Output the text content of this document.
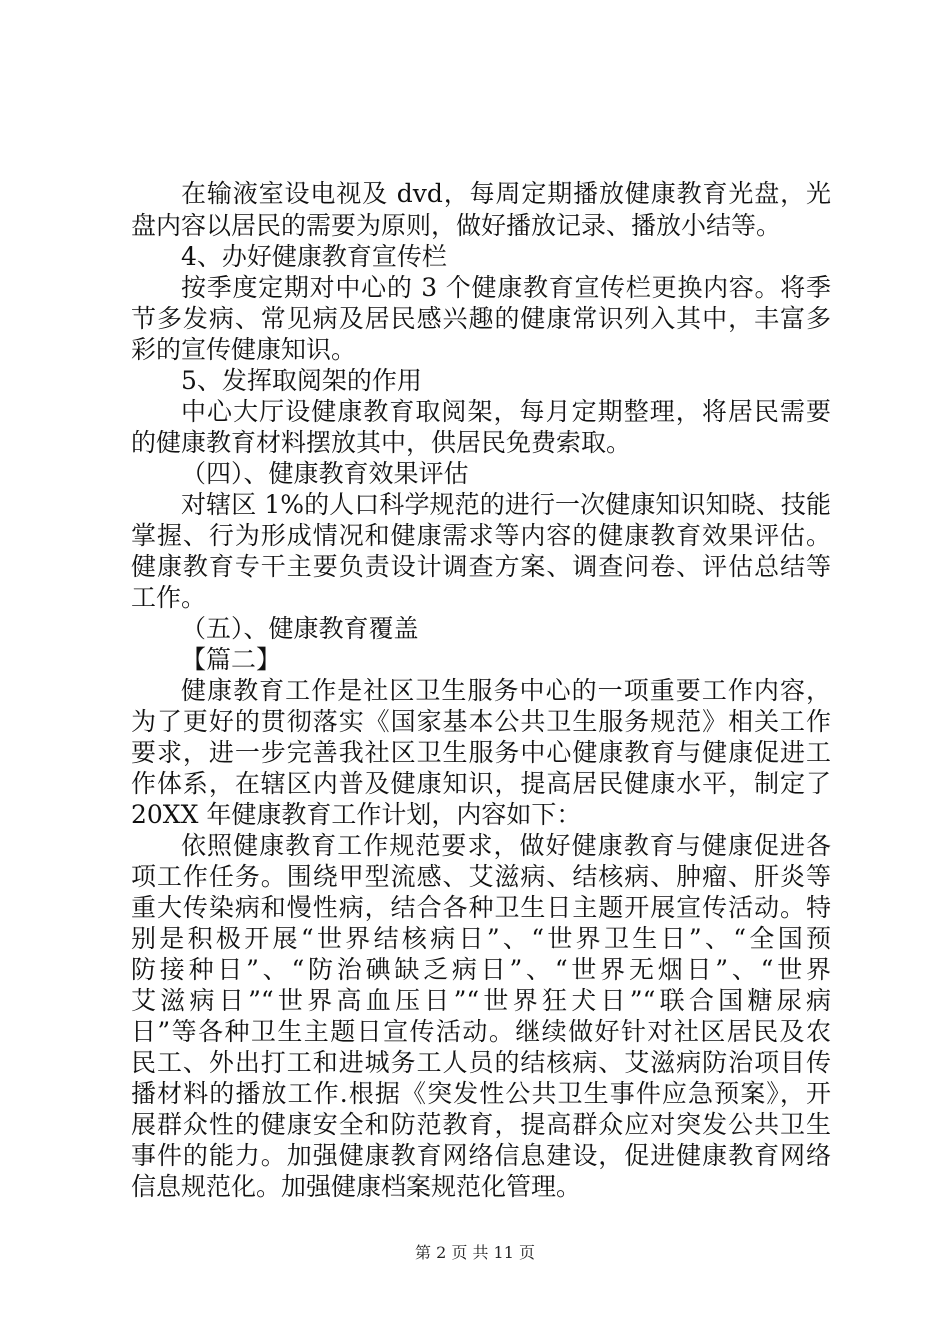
在输液室设电视及 dvd，每周定期播放健康教育光盘，光
盘内容以居民的需要为原则，做好播放记录、播放小结等。
4、办好健康教育宣传栏
按季度定期对中心的 3 个健康教育宣传栏更换内容。将季
节多发病、常见病及居民感兴趣的健康常识列入其中，丰富多
彩的宣传健康知识。
5、发挥取阅架的作用
中心大厅设健康教育取阅架，每月定期整理，将居民需要
的健康教育材料摆放其中，供居民免费索取。
（四）、健康教育效果评估
对辖区 1%的人口科学规范的进行一次健康知识知晓、技能
掌握、行为形成情况和健康需求等内容的健康教育效果评估。
健康教育专干主要负责设计调查方案、调查问卷、评估总结等
工作。
（五）、健康教育覆盖
【篇二】
健康教育工作是社区卫生服务中心的一项重要工作内容，
为了更好的贯彻落实《国家基本公共卫生服务规范》相关工作
要求，进一步完善我社区卫生服务中心健康教育与健康促进工
作体系，在辖区内普及健康知识，提高居民健康水平，制定了
20XX 年健康教育工作计划，内容如下：
依照健康教育工作规范要求，做好健康教育与健康促进各
项工作任务。围绕甲型流感、艾滋病、结核病、肿瘤、肝炎等
重大传染病和慢性病，结合各种卫生日主题开展宣传活动。特
别是积极开展“世界结核病日”、“世界卫生日”、“全国预
防接种日”、“防治碘缺乏病日”、“世界无烟日”、“世界
艾滋病日”“世界高血压日”“世界狂犬日”“联合国糖尿病
日”等各种卫生主题日宣传活动。继续做好针对社区居民及农
民工、外出打工和进城务工人员的结核病、艾滋病防治项目传
播材料的播放工作.根据《突发性公共卫生事件应急预案》，开
展群众性的健康安全和防范教育，提高群众应对突发公共卫生
事件的能力。加强健康教育网络信息建设，促进健康教育网络
信息规范化。加强健康档案规范化管理。
第 2 页 共 11 页
